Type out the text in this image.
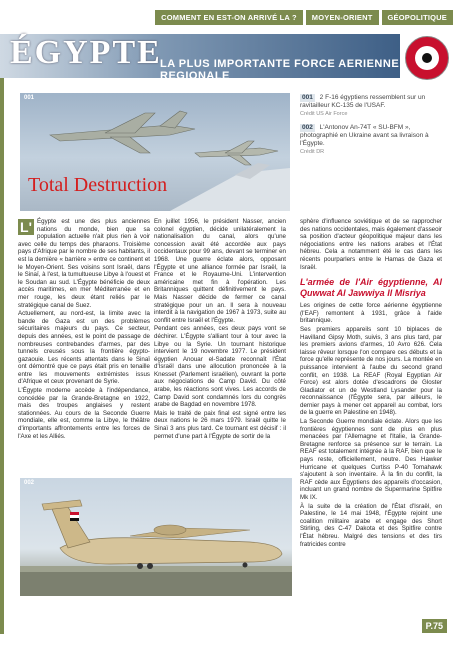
COMMENT EN EST-ON ARRIVÉ LA ?	MOYEN-ORIENT	GÉOPOLITIQUE
ÉGYPTE
LA PLUS IMPORTANTE FORCE AERIENNE REGIONALE
001
Total Destruction
001 2 F-16 égyptiens ressemblent sur un ravitailleur KC-135 de l'USAF.
Crédit US Air Force
002 L'Antonov An-74T « SU-BFM », photographié en Ukraine avant sa livraison à l'Égypte.
Crédit DR
L' Égypte est une des plus anciennes nations du monde, bien que sa population actuelle n'ait plus rien à voir avec celle du temps des pharaons. Troisième pays d'Afrique par le nombre de ses habitants, il est la dernière « barrière » entre ce continent et le Moyen-Orient. Ses voisins sont Israël, dans le Sinaï, à l'est, la tumultueuse Libye à l'ouest et le Soudan au sud. L'Égypte bénéficie de deux accès maritimes, en mer Méditerranée et en mer rouge, les deux étant reliés par le stratégique canal de Suez.

Actuellement, au nord-est, la limite avec la bande de Gaza est un des problèmes sécuritaires majeurs du pays. Ce secteur, depuis des années, est le point de passage de nombreuses contrebandes d'armes, par des tunnels creusés sous la frontière égypto-gazaouie. Les récents attentats dans le Sinaï ont démontré que ce pays était pris en tenaille entre les mouvements extrémistes issus d'Afrique et ceux provenant de Syrie.

L'Égypte moderne accède à l'indépendance, concédée par la Grande-Bretagne en 1922, mais des troupes anglaises y restent stationnées. Au cours de la Seconde Guerre mondiale, elle est, comme la Libye, le théâtre d'importants affrontements entre les forces de l'Axe et les Alliés.

En juillet 1956, le président Nasser, ancien colonel égyptien, décide unilatéralement la nationalisation du canal, alors qu'une concession avait été accordée aux pays occidentaux pour 99 ans, devant se terminer en 1968. Une guerre éclate alors, opposant l'Égypte et une alliance formée par Israël, la France et le Royaume-Uni. L'intervention américaine met fin à l'opération. Les Britanniques quittent définitivement le pays. Mais Nasser décide de fermer ce canal stratégique pour un an. Il sera à nouveau interdit à la navigation de 1967 à 1973, suite au conflit entre Israël et l'Égypte.

Pendant ces années, ces deux pays vont se déchirer. L'Égypte s'alliant tour à tour avec la Libye ou la Syrie. Un tournant historique intervient le 19 novembre 1977. Le président égyptien Anouar el-Sadate reconnaît l'État d'Israël dans une allocution prononcée à la Knesset (Parlement israélien), ouvrant la porte aux négociations de Camp David. Du côté arabe, les réactions sont vives. Les accords de Camp David sont condamnés lors du congrès arabe de Bagdad en novembre 1978.

Mais le traité de paix final est signé entre les deux nations le 26 mars 1979. Israël quitte le Sinaï 3 ans plus tard. Ce tournant est décisif : il permet d'une part à l'Égypte de sortir de la

sphère d'influence soviétique et de se rapprocher des nations occidentales, mais également d'asseoir sa position d'acteur géopolitique majeur dans les négociations entre les nations arabes et l'État hébreu. Cela a notamment été le cas dans les récents pourparlers entre le Hamas de Gaza et Israël.

L'armée de l'Air égyptienne, Al Quwwat Al Jawwiya Il Misriya

Les origines de cette force aérienne égyptienne (l'EAF) remontent à 1931, grâce à l'aide britannique.

Ses premiers appareils sont 10 biplaces de Havilland Gipsy Moth, suivis, 3 ans plus tard, par les premiers avions d'armes, 10 Avro 626. Cela laisse rêveur lorsque l'on compare ces débuts et la force qu'elle représente de nos jours. La montée en puissance intervient à l'aube du second grand conflit, en 1938. La REAF (Royal Egyptian Air Force) est alors dotée d'escadrons de Gloster Gladiator et un de Westland Lysander pour la reconnaissance (l'Égypte sera, par ailleurs, le dernier pays à mener cet appareil au combat, lors de la guerre en Palestine en 1948).

La Seconde Guerre mondiale éclate. Alors que les frontières égyptiennes sont de plus en plus menacées par l'Allemagne et l'Italie, la Grande-Bretagne renforce sa présence sur le terrain. La REAF est totalement intégrée à la RAF, bien que le pays reste, officiellement, neutre. Des Hawker Hurricane et quelques Curtiss P-40 Tomahawk s'ajoutent à son inventaire. À la fin du conflit, la RAF cède aux Égyptiens des appareils d'occasion, incluant un grand nombre de Supermarine Spitfire Mk IX.

À la suite de la création de l'État d'Israël, en Palestine, le 14 mai 1948, l'Égypte rejoint une coalition militaire arabe et engage des Short Stirling, des C-47 Dakota et des Spitfire contre l'État hébreu. Malgré des tensions et des tirs fratricides contre

002
P.75
